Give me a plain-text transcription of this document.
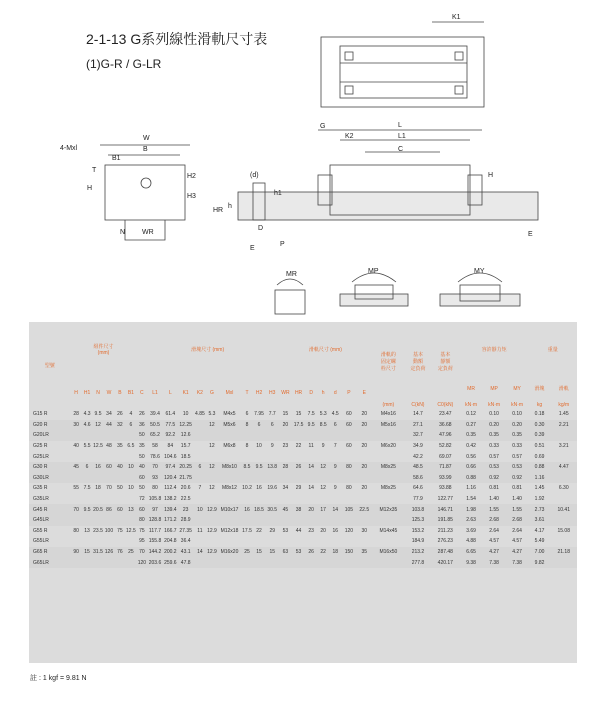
2-1-13 G系列線性滑軌尺寸表
(1)G-R / G-LR
K1
4-Mxl
W
B
B1
T
H2
H
H3
N WR
G	L
L1
K2
C
(d)
HR
h
h1
D
P
E
E
H
MR	MP	MY
型號	組件尺寸
(mm)						滑塊尺寸 (mm)										滑軌尺寸 (mm)							滑軌的
固定螺
栓尺寸	基本
動額
定負荷	基本
靜額
定負荷	容許靜力矩			重量	
	H	H1	N	W	B	B1	C	L1	L	K1	K2	G	Mxl	T	H2	H3	WR	HR	D	h	d	P	E				MR	MP	MY	滑塊	滑軌
																								(mm)	C(kN)	C0(kN)	kN·m	kN·m	kN·m	kg	kg/m
G15 R	28	4.3	9.5	34	26	4	26	39.4	61.4	10	4.85	5.3	M4x5	6	7.95	7.7	15	15	7.5	5.3	4.5	60	20	M4x16	14.7	23.47	0.12	0.10	0.10	0.18	1.45
G20 R	30	4.6	12	44	32	6	36	50.5	77.5	12.25		12	M5x6	8	6	6	20	17.5	9.5	8.5	6	60	20	M5x16	27.1	36.68	0.27	0.20	0.20	0.30	2.21
G20LR							50	65.2	92.2	12.6															32.7	47.96	0.35	0.35	0.35	0.39	
G25 R	40	5.5	12.5	48	35	6.5	35	58	84	15.7		12	M6x8	8	10	9	23	22	11	9	7	60	20	M6x20	34.9	52.82	0.42	0.33	0.33	0.51	3.21
G25LR							50	78.6	104.6	18.5															42.2	69.07	0.56	0.57	0.57	0.69	
G30 R	45	6	16	60	40	10	40	70	97.4	20.25	6	12	M8x10	8.5	9.5	13.8	28	26	14	12	9	80	20	M8x25	48.5	71.87	0.66	0.53	0.53	0.88	4.47
G30LR							60	93	120.4	21.75															58.6	93.99	0.88	0.92	0.92	1.16	
G35 R	55	7.5	18	70	50	10	50	80	112.4	20.6	7	12	M8x12	10.2	16	19.6	34	29	14	12	9	80	20	M8x25	64.6	93.88	1.16	0.81	0.81	1.45	6.30
G35LR							72	105.8	138.2	22.5															77.9	122.77	1.54	1.40	1.40	1.92	
G45 R	70	9.5	20.5	86	60	13	60	97	139.4	23	10	12.9	M10x17	16	18.5	30.5	45	38	20	17	14	105	22.5	M12x35	103.8	146.71	1.98	1.55	1.55	2.73	10.41
G45LR							80	128.8	171.2	28.9															125.3	191.85	2.63	2.68	2.68	3.61	
G55 R	80	13	23.5	100	75	12.5	75	117.7	166.7	27.35	11	12.9	M12x18	17.5	22	29	53	44	23	20	16	120	30	M14x45	153.2	211.23	3.69	2.64	2.64	4.17	15.08
G55LR							95	155.8	204.8	36.4															184.9	276.23	4.88	4.57	4.57	5.49	
G65 R	90	15	31.5	126	76	25	70	144.2	200.2	43.1	14	12.9	M16x20	25	15	15	63	53	26	22	18	150	35	M16x50	213.2	287.48	6.65	4.27	4.27	7.00	21.18
G65LR							120	203.6	259.6	47.8															277.8	420.17	9.38	7.38	7.38	9.82	
註 : 1 kgf = 9.81 N
